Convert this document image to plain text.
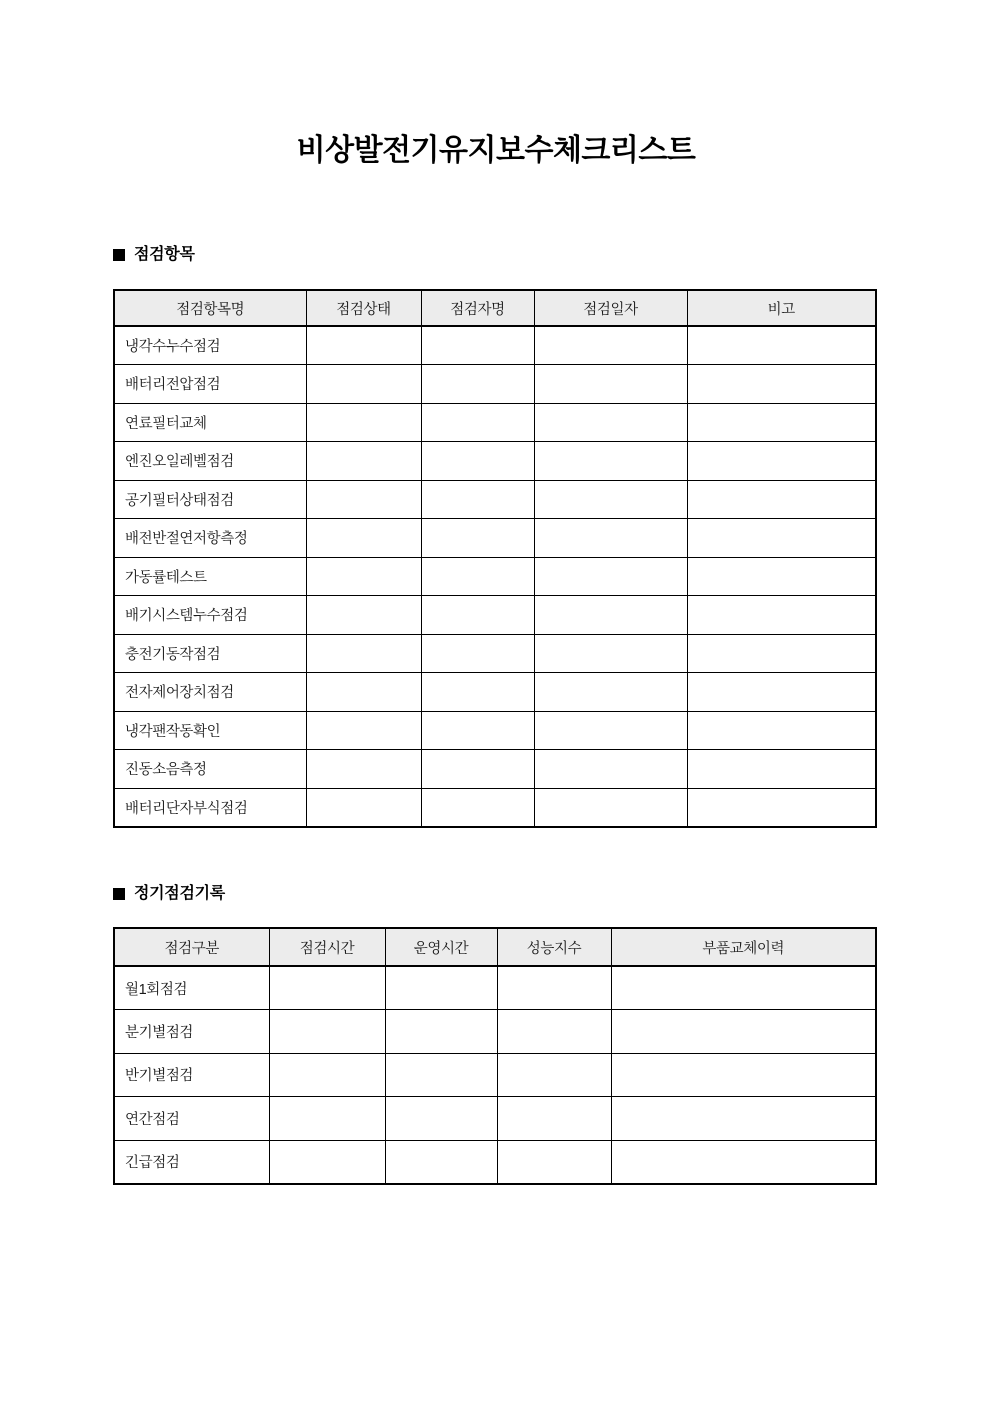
비상발전기유지보수체크리스트
점검항목
점검항목명	점검상태	점검자명	점검일자	비고
냉각수누수점검				
배터리전압점검				
연료필터교체				
엔진오일레벨점검				
공기필터상태점검				
배전반절연저항측정				
가동률테스트				
배기시스템누수점검				
충전기동작점검				
전자제어장치점검				
냉각팬작동확인				
진동소음측정				
배터리단자부식점검				
정기점검기록
점검구분	점검시간	운영시간	성능지수	부품교체이력
월1회점검				
분기별점검				
반기별점검				
연간점검				
긴급점검				
